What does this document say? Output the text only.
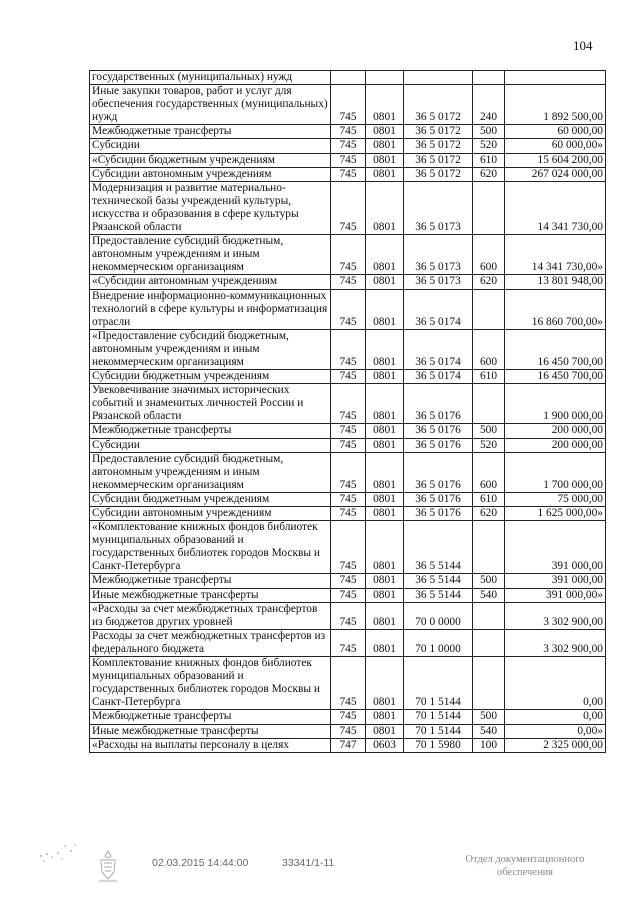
104
государственных (муниципальных) нужд					
Иные закупки товаров, работ и услуг для обеспечения государственных (муниципальных) нужд	745	0801	36 5 0172	240	1 892 500,00
Межбюджетные трансферты	745	0801	36 5 0172	500	60 000,00
Субсидии	745	0801	36 5 0172	520	60 000,00»
«Субсидии бюджетным учреждениям	745	0801	36 5 0172	610	15 604 200,00
Субсидии автономным учреждениям	745	0801	36 5 0172	620	267 024 000,00
Модернизация и развитие материально-технической базы учреждений культуры, искусства и образования в сфере культуры Рязанской области	745	0801	36 5 0173		14 341 730,00
Предоставление субсидий бюджетным, автономным учреждениям и иным некоммерческим организациям	745	0801	36 5 0173	600	14 341 730,00»
«Субсидии автономным учреждениям	745	0801	36 5 0173	620	13 801 948,00
Внедрение информационно-коммуникационных технологий в сфере культуры и информатизация отрасли	745	0801	36 5 0174		16 860 700,00»
«Предоставление субсидий бюджетным, автономным учреждениям и иным некоммерческим организациям	745	0801	36 5 0174	600	16 450 700,00
Субсидии бюджетным учреждениям	745	0801	36 5 0174	610	16 450 700,00
Увековечивание значимых исторических событий и знаменитых личностей России и Рязанской области	745	0801	36 5 0176		1 900 000,00
Межбюджетные трансферты	745	0801	36 5 0176	500	200 000,00
Субсидии	745	0801	36 5 0176	520	200 000,00
Предоставление субсидий бюджетным, автономным учреждениям и иным некоммерческим организациям	745	0801	36 5 0176	600	1 700 000,00
Субсидии бюджетным учреждениям	745	0801	36 5 0176	610	75 000,00
Субсидии автономным учреждениям	745	0801	36 5 0176	620	1 625 000,00»
«Комплектование книжных фондов библиотек муниципальных образований и государственных библиотек городов Москвы и Санкт-Петербурга	745	0801	36 5 5144		391 000,00
Межбюджетные трансферты	745	0801	36 5 5144	500	391 000,00
Иные межбюджетные трансферты	745	0801	36 5 5144	540	391 000,00»
«Расходы за счет межбюджетных трансфертов из бюджетов других уровней	745	0801	70 0 0000		3 302 900,00
Расходы за счет межбюджетных трансфертов из федерального бюджета	745	0801	70 1 0000		3 302 900,00
Комплектование книжных фондов библиотек муниципальных образований и государственных библиотек городов Москвы и Санкт-Петербурга	745	0801	70 1 5144		0,00
Межбюджетные трансферты	745	0801	70 1 5144	500	0,00
Иные межбюджетные трансферты	745	0801	70 1 5144	540	0,00»
«Расходы на выплаты персоналу в целях	747	0603	70 1 5980	100	2 325 000,00
02.03.2015 14:44:00	33341/1-11	Отдел документационного
обеспечения
